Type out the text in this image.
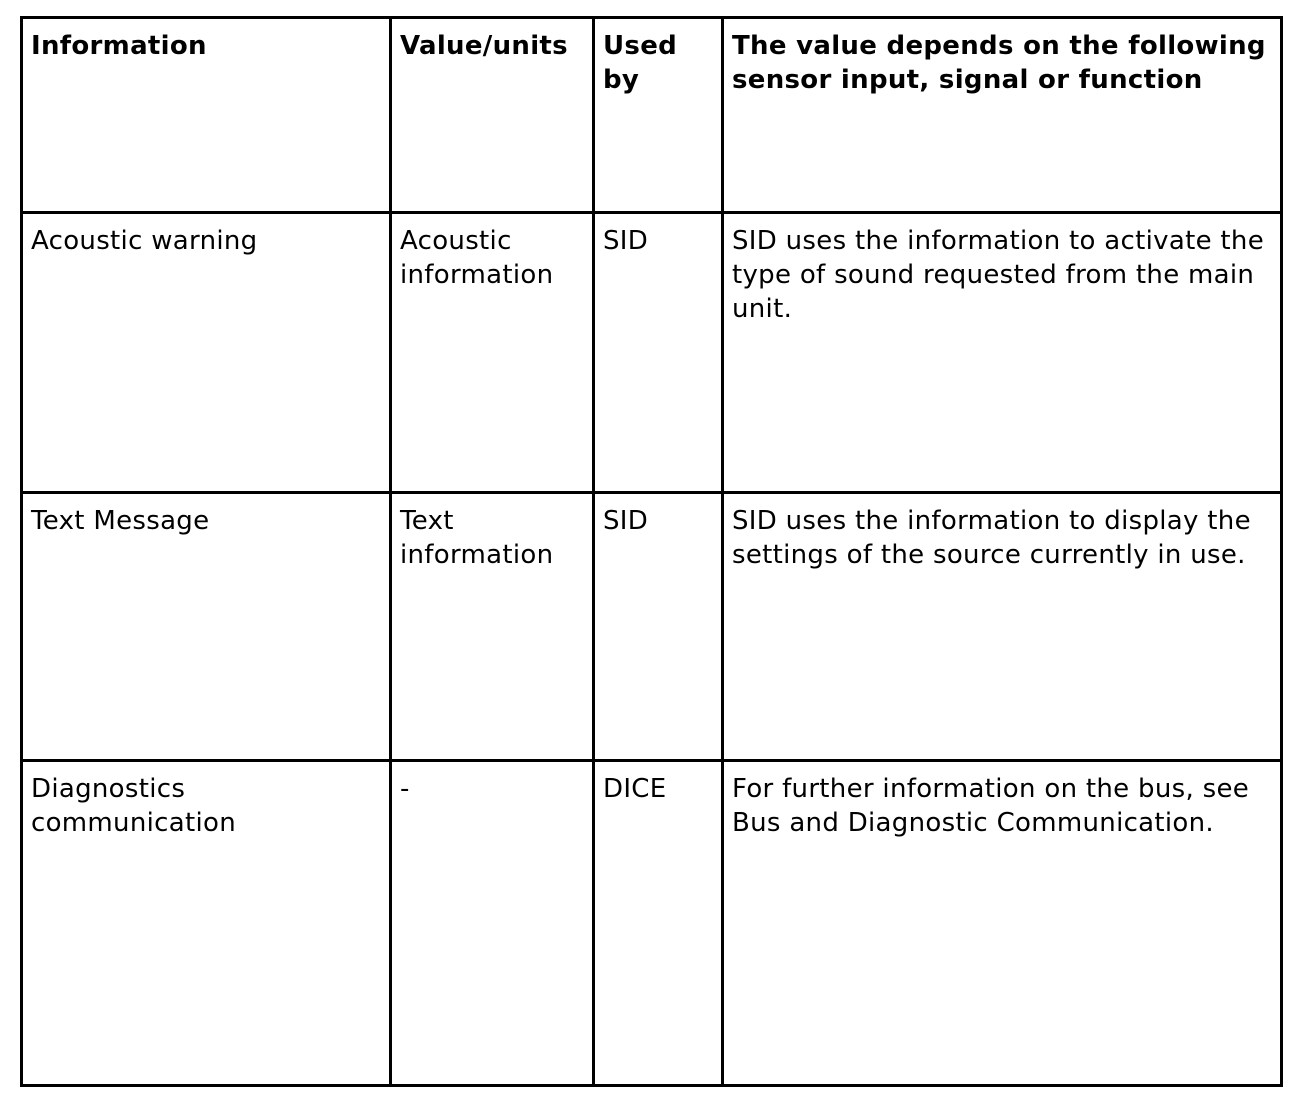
Information	Value/units	Used by	The value depends on the following sensor input, signal or function

Acoustic warning	Acoustic information	SID	SID uses the information to activate the type of sound requested from the main unit.

Text Message	Text information	SID	SID uses the information to display the settings of the source currently in use.

Diagnostics communication	-	DICE	For further information on the bus, see Bus and Diagnostic Communication.
